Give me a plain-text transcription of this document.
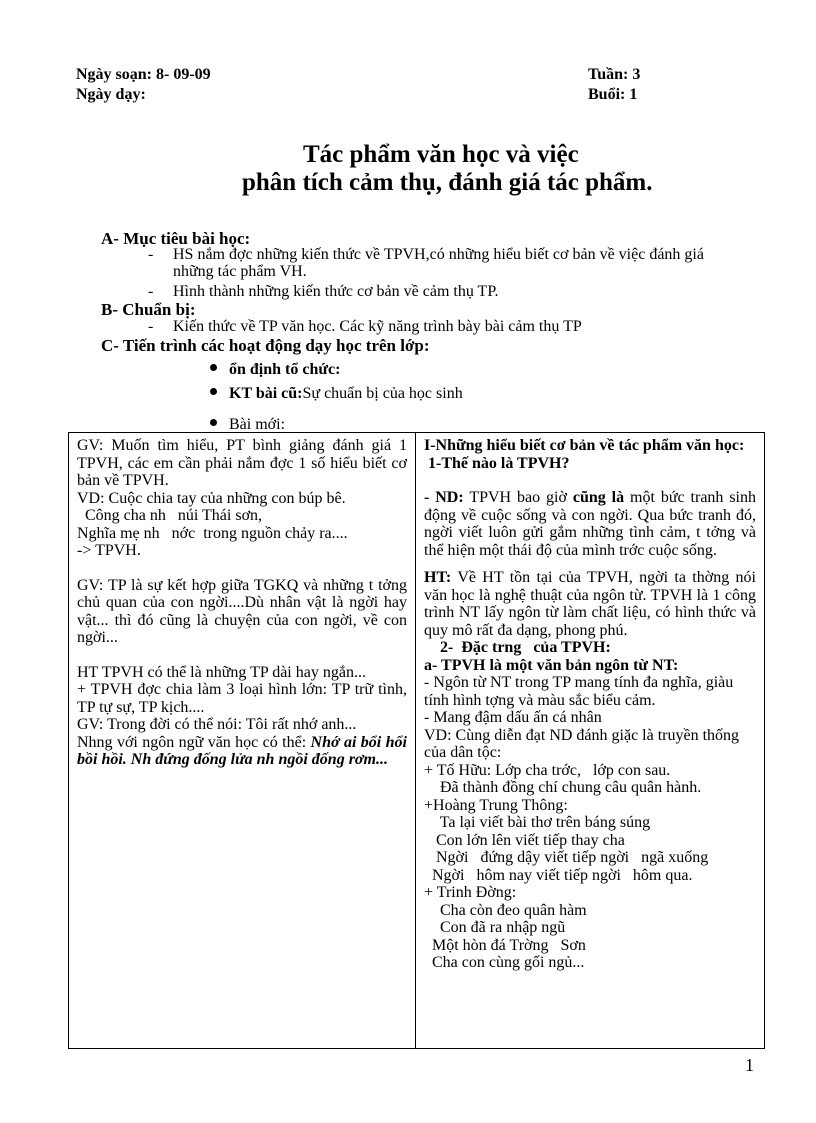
Ngày soạn: 8- 09-09	Tuần: 3
Ngày dạy:	Buổi: 1
Tác phẩm văn học và việc
phân tích cảm thụ, đánh giá tác phẩm.
A- Mục tiêu bài học:
- HS nắm đợc những kiến thức về TPVH,có những hiểu biết cơ bản về việc đánh giá những tác phẩm VH.
- Hình thành những kiến thức cơ bản về cảm thụ TP.
B- Chuẩn bị:
- Kiến thức về TP văn học. Các kỹ năng trình bày bài cảm thụ TP
C- Tiến trình các hoạt động dạy học trên lớp:
ổn định tổ chức:
KT bài cũ:Sự chuẩn bị của học sinh
Bài mới:

GV: Muốn tìm hiểu, PT bình giảng đánh giá 1 TPVH, các em cần phải nắm đợc 1 số hiểu biết cơ bản về TPVH.

VD: Cuộc chia tay của những con búp bê.

Công cha nh   núi Thái sơn,

Nghĩa mẹ nh   nớc  trong nguồn chảy ra....

-> TPVH.

GV: TP là sự kết hợp giữa TGKQ và những t tởng chủ quan của con ngời....Dù nhân vật là ngời hay vật... thì đó cũng là chuyện của con ngời, về con ngời...

HT TPVH có thể là những TP dài hay ngắn...

+ TPVH đợc chia làm 3 loại hình lớn: TP trữ tình, TP tự sự, TP kịch....

GV: Trong đời có thể nói: Tôi rất nhớ anh...

Nhng với ngôn ngữ văn học có thể: Nhớ ai bổi hổi bồi hồi. Nh đứng đống lửa nh ngồi đống rơm...

I-Những hiểu biết cơ bản về tác phẩm văn học:

1-Thế nào là TPVH?

- ND: TPVH bao giờ cũng là một bức tranh sinh động về cuộc sống và con ngời. Qua bức tranh đó, ngời viết luôn gửi gắm những tình cảm, t tởng và thể hiện một thái độ của mình trớc cuộc sống.

HT: Về HT tồn tại của TPVH, ngời ta thờng nói văn học là nghệ thuật của ngôn từ. TPVH là 1 công trình NT lấy ngôn từ làm chất liệu, có hình thức và quy mô rất đa dạng, phong phú.

2-  Đặc trng   của TPVH:

a- TPVH là một văn bản ngôn từ NT:

- Ngôn từ NT trong TP mang tính đa nghĩa, giàu tính hình tợng và màu sắc biểu cảm.

- Mang đậm dấu ấn cá nhân

VD: Cùng diễn đạt ND đánh giặc là truyền thống của dân tộc:

+ Tố Hữu: Lớp cha trớc,   lớp con sau.

Đã thành đồng chí chung câu quân hành.

+Hoàng Trung Thông:

Ta lại viết bài thơ trên báng súng

Con lớn lên viết tiếp thay cha

Ngời   đứng dậy viết tiếp ngời   ngã xuống

Ngời   hôm nay viết tiếp ngời   hôm qua.

+ Trinh Đờng:

Cha còn đeo quân hàm

Con đã ra nhập ngũ

Một hòn đá Trờng   Sơn

Cha con cùng gối ngủ...

1
